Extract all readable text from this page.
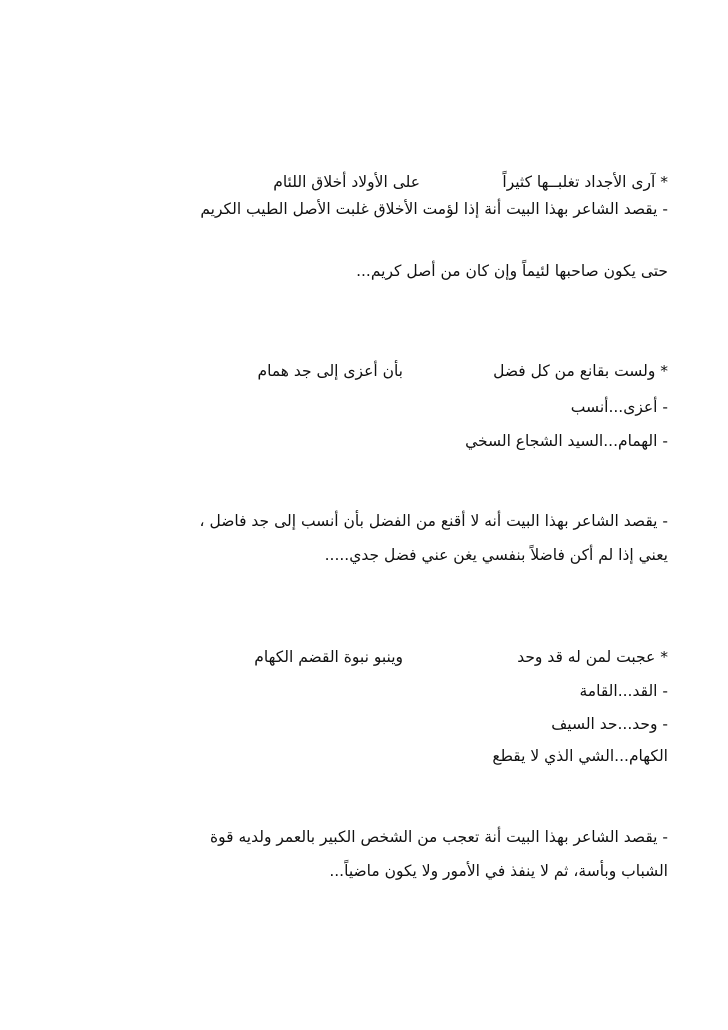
* آرى الأجداد تغلبــها كثيراً
على الأولاد أخلاق اللئام
- يقصد الشاعر بهذا البيت أنة إذا لؤمت الأخلاق غلبت الأصل الطيب الكريم
حتى يكون صاحبها لئيماً وإن كان من أصل كريم...
* ولست بقانع من كل فضل
بأن أعزى إلى جد همام
- أعزى...أنسب
- الهمام...السيد الشجاع السخي
- يقصد الشاعر بهذا البيت أنه لا أقنع من الفضل بأن أنسب إلى جد فاضل ،
يعني إذا لم أكن فاضلاً بنفسي يغن عني فضل جدي.....
* عجبت لمن له قد وحد
وينبو نبوة القضم الكهام
- القد...القامة
- وحد...حد السيف
الكهام...الشي الذي لا يقطع
- يقصد الشاعر بهذا البيت أنة تعجب من الشخص الكبير بالعمر ولديه قوة
الشباب وبأسة، ثم لا ينفذ في الأمور ولا يكون ماضياً...
